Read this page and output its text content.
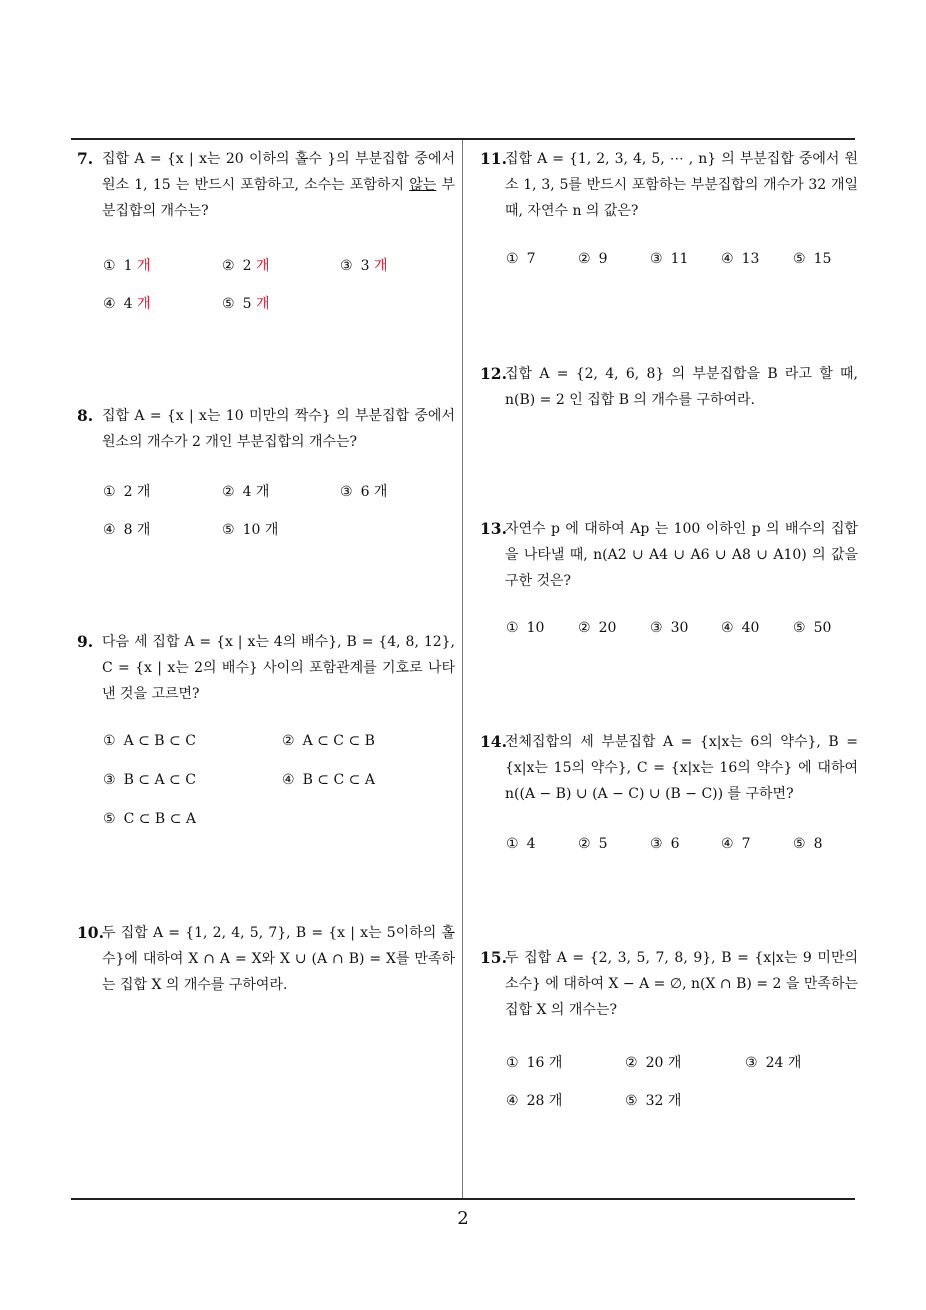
7. 집합 A = {x | x는 20 이하의 홀수 }의 부분집합 중에서 원소 1, 15 는 반드시 포함하고, 소수는 포함하지 않는 부분집합의 개수는?
① 1 개	② 2 개	③ 3 개
④ 4 개	⑤ 5 개
8. 집합 A = {x | x는 10 미만의 짝수} 의 부분집합 중에서 원소의 개수가 2 개인 부분집합의 개수는?
① 2 개	② 4 개	③ 6 개
④ 8 개	⑤ 10 개
9. 다음 세 집합 A = {x | x는 4의 배수}, B = {4, 8, 12}, C = {x | x는 2의 배수} 사이의 포함관계를 기호로 나타낸 것을 고르면?
① A ⊂ B ⊂ C	② A ⊂ C ⊂ B
③ B ⊂ A ⊂ C	④ B ⊂ C ⊂ A
⑤ C ⊂ B ⊂ A
10.
두 집합 A = {1, 2, 4, 5, 7}, B = {x | x는 5이하의 홀수}에 대하여 X ∩ A = X와 X ∪ (A ∩ B) = X를 만족하는 집합 X 의 개수를 구하여라.
11.
집합 A = {1, 2, 3, 4, 5, ⋯ , n} 의 부분집합 중에서 원소 1, 3, 5를 반드시 포함하는 부분집합의 개수가 32 개일 때, 자연수 n 의 값은?
① 7	② 9	③ 11 ④ 13 ⑤ 15
12.
집합 A = {2, 4, 6, 8} 의 부분집합을 B 라고 할 때, n(B) = 2 인 집합 B 의 개수를 구하여라.
13.
자연수 p 에 대하여 Ap 는 100 이하인 p 의 배수의 집합을 나타낼 때, n(A2 ∪ A4 ∪ A6 ∪ A8 ∪ A10) 의 값을 구한 것은?
① 10 ② 20 ③ 30 ④ 40 ⑤ 50
14.
전체집합의 세 부분집합 A = {x|x는 6의 약수}, B = {x|x는 15의 약수}, C = {x|x는 16의 약수} 에 대하여 n((A − B) ∪ (A − C) ∪ (B − C)) 를 구하면?
① 4	② 5	③ 6	④ 7	⑤ 8
15.
두 집합 A = {2, 3, 5, 7, 8, 9}, B = {x|x는 9 미만의 소수} 에 대하여 X − A = ∅, n(X ∩ B) = 2 을 만족하는 집합 X 의 개수는?
① 16 개	② 20 개	③ 24 개
④ 28 개	⑤ 32 개
2
